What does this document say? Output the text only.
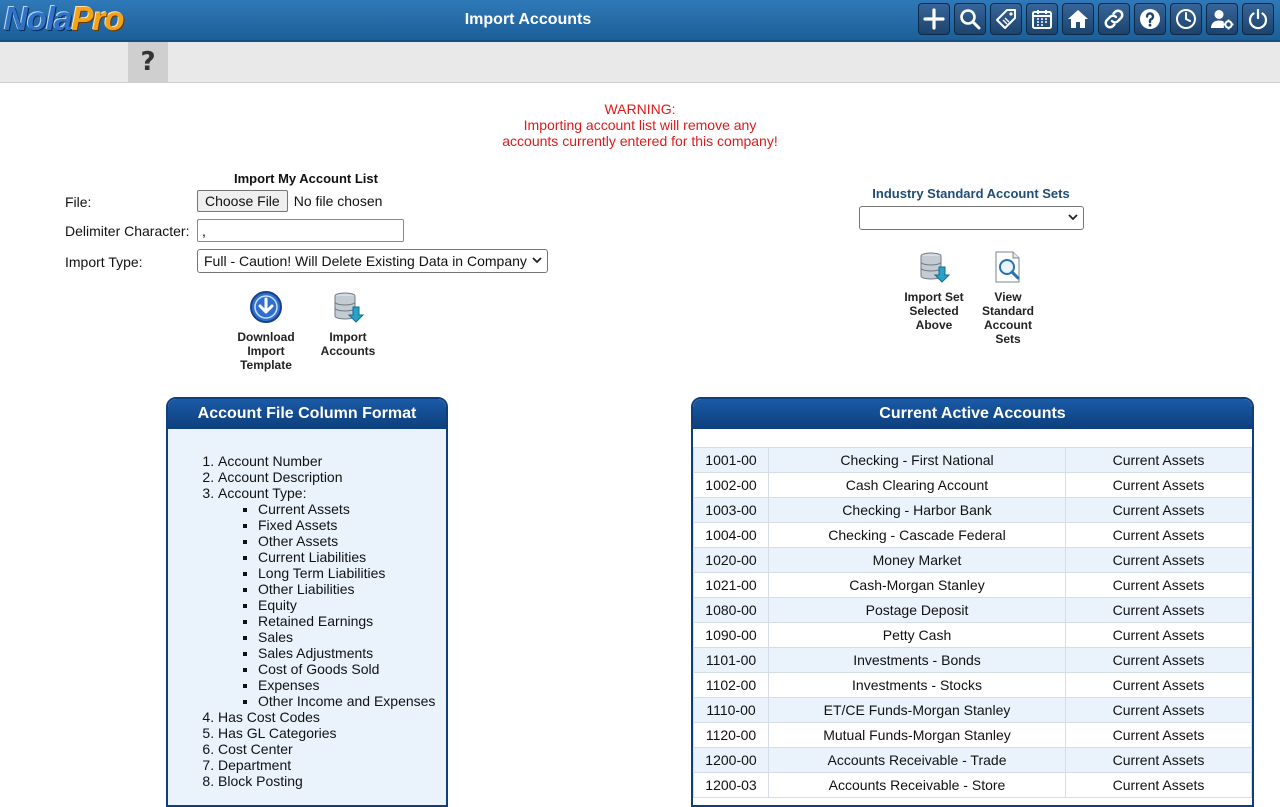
NolaPro	Import Accounts
?
WARNING:
Importing account list will remove any
accounts currently entered for this company!
Import My Account List
File:	Choose File	No file chosen
Delimiter Character:
,
Import Type:	Full - Caution! Will Delete Existing Data in Company
Download Import Template
Import Accounts
Industry Standard Account Sets
Import Set Selected Above
View Standard Account Sets
Account File Column Format
1. Account Number
2. Account Description
3. Account Type:
▪ Current Assets
▪ Fixed Assets
▪ Other Assets
▪ Current Liabilities
▪ Long Term Liabilities
▪ Other Liabilities
▪ Equity
▪ Retained Earnings
▪ Sales
▪ Sales Adjustments
▪ Cost of Goods Sold
▪ Expenses
▪ Other Income and Expenses
4. Has Cost Codes
5. Has GL Categories
6. Cost Center
7. Department
8. Block Posting
Current Active Accounts
1001-00	Checking - First National	Current Assets
1002-00	Cash Clearing Account	Current Assets
1003-00	Checking - Harbor Bank	Current Assets
1004-00	Checking - Cascade Federal	Current Assets
1020-00	Money Market	Current Assets
1021-00	Cash-Morgan Stanley	Current Assets
1080-00	Postage Deposit	Current Assets
1090-00	Petty Cash	Current Assets
1101-00	Investments - Bonds	Current Assets
1102-00	Investments - Stocks	Current Assets
1110-00	ET/CE Funds-Morgan Stanley	Current Assets
1120-00	Mutual Funds-Morgan Stanley	Current Assets
1200-00	Accounts Receivable - Trade	Current Assets
1200-03	Accounts Receivable - Store	Current Assets
